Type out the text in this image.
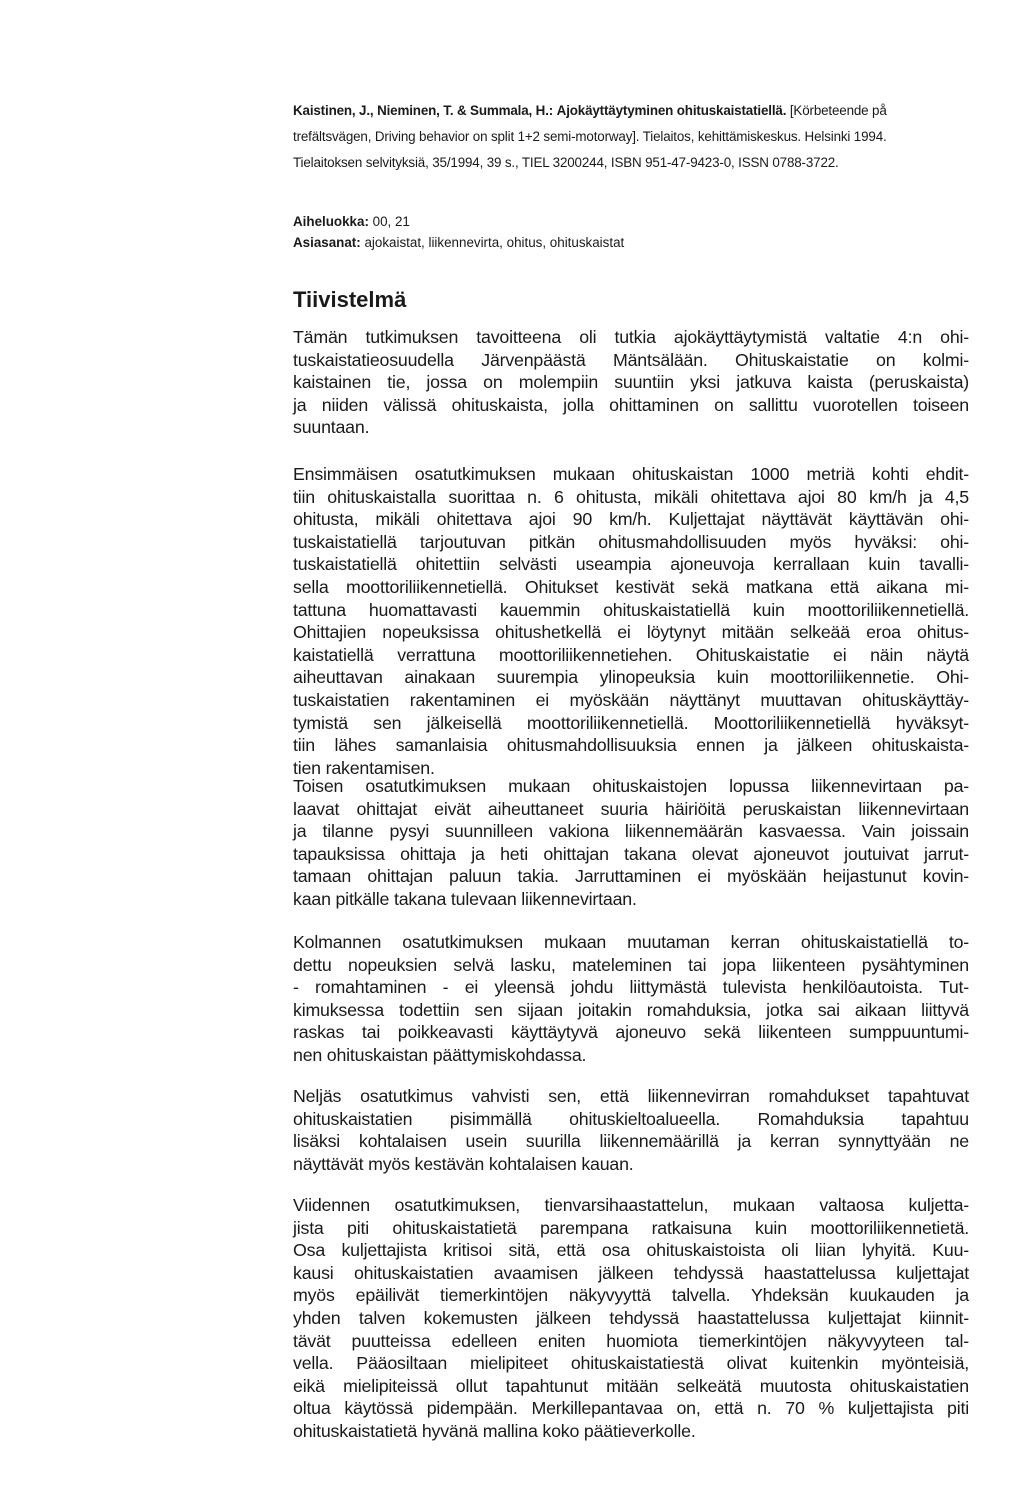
Kaistinen, J., Nieminen, T. & Summala, H.: Ajokäyttäytyminen ohituskaistatiellä. [Körbeteende på
trefältsvägen, Driving behavior on split 1+2 semi-motorway]. Tielaitos, kehittämiskeskus. Helsinki 1994.
Tielaitoksen selvityksiä, 35/1994, 39 s., TIEL 3200244, ISBN 951-47-9423-0, ISSN 0788-3722.
Aiheluokka: 00, 21
Asiasanat: ajokaistat, liikennevirta, ohitus, ohituskaistat
Tiivistelmä
Tämän tutkimuksen tavoitteena oli tutkia ajokäyttäytymistä valtatie 4:n ohi-
tuskaistatieosuudella Järvenpäästä Mäntsälään. Ohituskaistatie on kolmi-
kaistainen tie, jossa on molempiin suuntiin yksi jatkuva kaista (peruskaista)
ja niiden välissä ohituskaista, jolla ohittaminen on sallittu vuorotellen toiseen
suuntaan.
Ensimmäisen osatutkimuksen mukaan ohituskaistan 1000 metriä kohti ehdit-
tiin ohituskaistalla suorittaa n. 6 ohitusta, mikäli ohitettava ajoi 80 km/h ja 4,5
ohitusta, mikäli ohitettava ajoi 90 km/h. Kuljettajat näyttävät käyttävän ohi-
tuskaistatiellä tarjoutuvan pitkän ohitusmahdollisuuden myös hyväksi: ohi-
tuskaistatiellä ohitettiin selvästi useampia ajoneuvoja kerrallaan kuin tavalli-
sella moottoriliikennetiellä. Ohitukset kestivät sekä matkana että aikana mi-
tattuna huomattavasti kauemmin ohituskaistatiellä kuin moottoriliikennetiellä.
Ohittajien nopeuksissa ohitushetkellä ei löytynyt mitään selkeää eroa ohitus-
kaistatiellä verrattuna moottoriliikennetiehen. Ohituskaistatie ei näin näytä
aiheuttavan ainakaan suurempia ylinopeuksia kuin moottoriliikennetie. Ohi-
tuskaistatien rakentaminen ei myöskään näyttänyt muuttavan ohituskäyttäy-
tymistä sen jälkeisellä moottoriliikennetiellä. Moottoriliikennetiellä hyväksyt-
tiin lähes samanlaisia ohitusmahdollisuuksia ennen ja jälkeen ohituskaista-
tien rakentamisen.
Toisen osatutkimuksen mukaan ohituskaistojen lopussa liikennevirtaan pa-
laavat ohittajat eivät aiheuttaneet suuria häiriöitä peruskaistan liikennevirtaan
ja tilanne pysyi suunnilleen vakiona liikennemäärän kasvaessa. Vain joissain
tapauksissa ohittaja ja heti ohittajan takana olevat ajoneuvot joutuivat jarrut-
tamaan ohittajan paluun takia. Jarruttaminen ei myöskään heijastunut kovin-
kaan pitkälle takana tulevaan liikennevirtaan.
Kolmannen osatutkimuksen mukaan muutaman kerran ohituskaistatiellä to-
dettu nopeuksien selvä lasku, mateleminen tai jopa liikenteen pysähtyminen
- romahtaminen - ei yleensä johdu liittymästä tulevista henkilöautoista. Tut-
kimuksessa todettiin sen sijaan joitakin romahduksia, jotka sai aikaan liittyvä
raskas tai poikkeavasti käyttäytyvä ajoneuvo sekä liikenteen sumppuuntumi-
nen ohituskaistan päättymiskohdassa.
Neljäs osatutkimus vahvisti sen, että liikennevirran romahdukset tapahtuvat
ohituskaistatien pisimmällä ohituskieltoalueella. Romahduksia tapahtuu
lisäksi kohtalaisen usein suurilla liikennemäärillä ja kerran synnyttyään ne
näyttävät myös kestävän kohtalaisen kauan.
Viidennen osatutkimuksen, tienvarsihaastattelun, mukaan valtaosa kuljetta-
jista piti ohituskaistatietä parempana ratkaisuna kuin moottoriliikennetietä.
Osa kuljettajista kritisoi sitä, että osa ohituskaistoista oli liian lyhyitä. Kuu-
kausi ohituskaistatien avaamisen jälkeen tehdyssä haastattelussa kuljettajat
myös epäilivät tiemerkintöjen näkyvyyttä talvella. Yhdeksän kuukauden ja
yhden talven kokemusten jälkeen tehdyssä haastattelussa kuljettajat kiinnit-
tävät puutteissa edelleen eniten huomiota tiemerkintöjen näkyvyyteen tal-
vella. Pääosiltaan mielipiteet ohituskaistatiestä olivat kuitenkin myönteisiä,
eikä mielipiteissä ollut tapahtunut mitään selkeätä muutosta ohituskaistatien
oltua käytössä pidempään. Merkillepantavaa on, että n. 70 % kuljettajista piti
ohituskaistatietä hyvänä mallina koko päätieverkolle.
